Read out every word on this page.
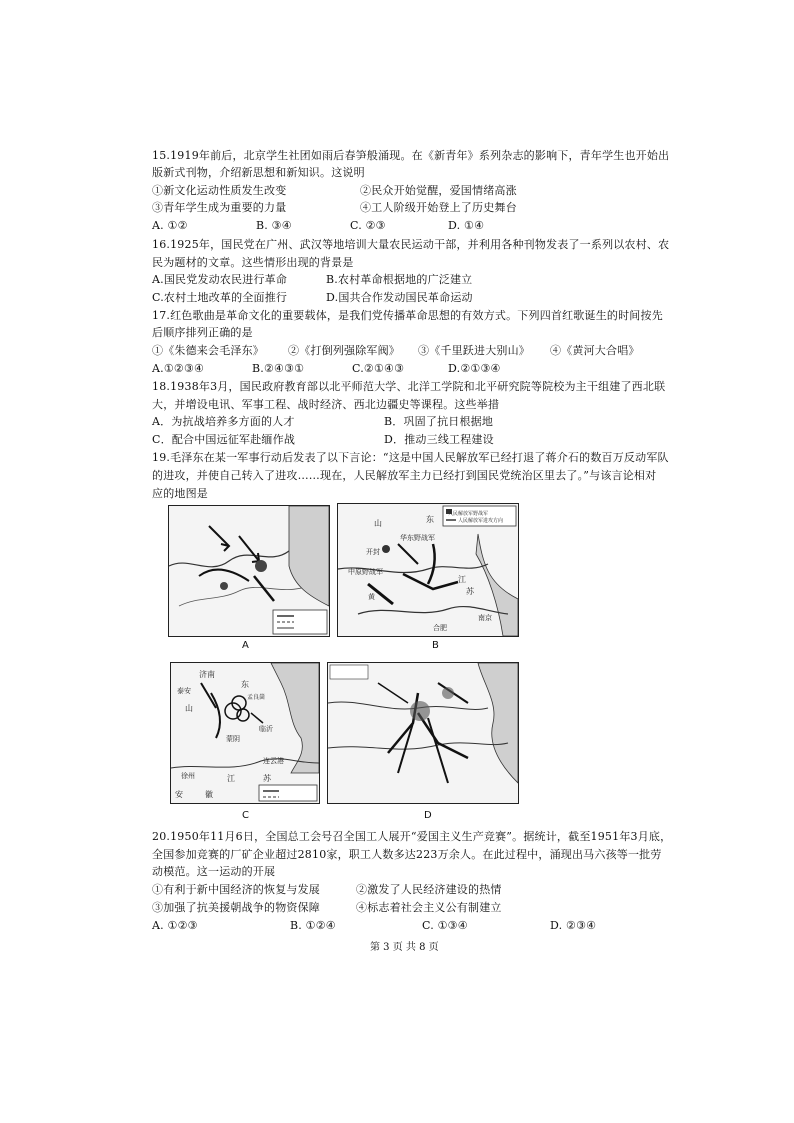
15.1919年前后，北京学生社团如雨后春笋般涌现。在《新青年》系列杂志的影响下，青年学生也开始出
版新式刊物，介绍新思想和新知识。这说明
①新文化运动性质发生改变	②民众开始觉醒，爱国情绪高涨
③青年学生成为重要的力量	④工人阶级开始登上了历史舞台
A. ①②	B. ③④	C. ②③	D. ①④
16.1925年，国民党在广州、武汉等地培训大量农民运动干部，并利用各种刊物发表了一系列以农村、农
民为题材的文章。这些情形出现的背景是
A.国民党发动农民进行革命	B.农村革命根据地的广泛建立
C.农村土地改革的全面推行	D.国共合作发动国民革命运动
17.红色歌曲是革命文化的重要载体，是我们党传播革命思想的有效方式。下列四首红歌诞生的时间按先
后顺序排列正确的是
①《朱德来会毛泽东》 ②《打倒列强除军阀》 ③《千里跃进大别山》 ④《黄河大合唱》
A.①②③④	B.②④③①	C.②①④③	D.②①③④
18.1938年3月，国民政府教育部以北平师范大学、北洋工学院和北平研究院等院校为主干组建了西北联
大，并增设电讯、军事工程、战时经济、西北边疆史等课程。这些举措
A．为抗战培养多方面的人才	B．巩固了抗日根据地
C．配合中国远征军赴缅作战	D．推动三线工程建设
19.毛泽东在某一军事行动后发表了以下言论：“这是中国人民解放军已经打退了蒋介石的数百万反动军队
的进攻，并使自己转入了进攻……现在，人民解放军主力已经打到国民党统治区里去了。”与该言论相对
应的地图是
A
山	东
开封
中原野战军
华东野战军
黄
江
苏
南京
合肥
人民解放军野战军
人民解放军进攻方向
B
济南
东
泰安
山
孟良崮
临沂
蒙阴
连云港
徐州	江	苏
安	徽
C	D
20.1950年11月6日，全国总工会号召全国工人展开“爱国主义生产竞赛”。据统计，截至1951年3月底，
全国参加竞赛的厂矿企业超过2810家，职工人数多达223万余人。在此过程中，涌现出马六孩等一批劳
动模范。这一运动的开展
①有利于新中国经济的恢复与发展	②激发了人民经济建设的热情
③加强了抗美援朝战争的物资保障	④标志着社会主义公有制建立
A. ①②③	B. ①②④	C. ①③④	D. ②③④
第 3 页 共 8 页
